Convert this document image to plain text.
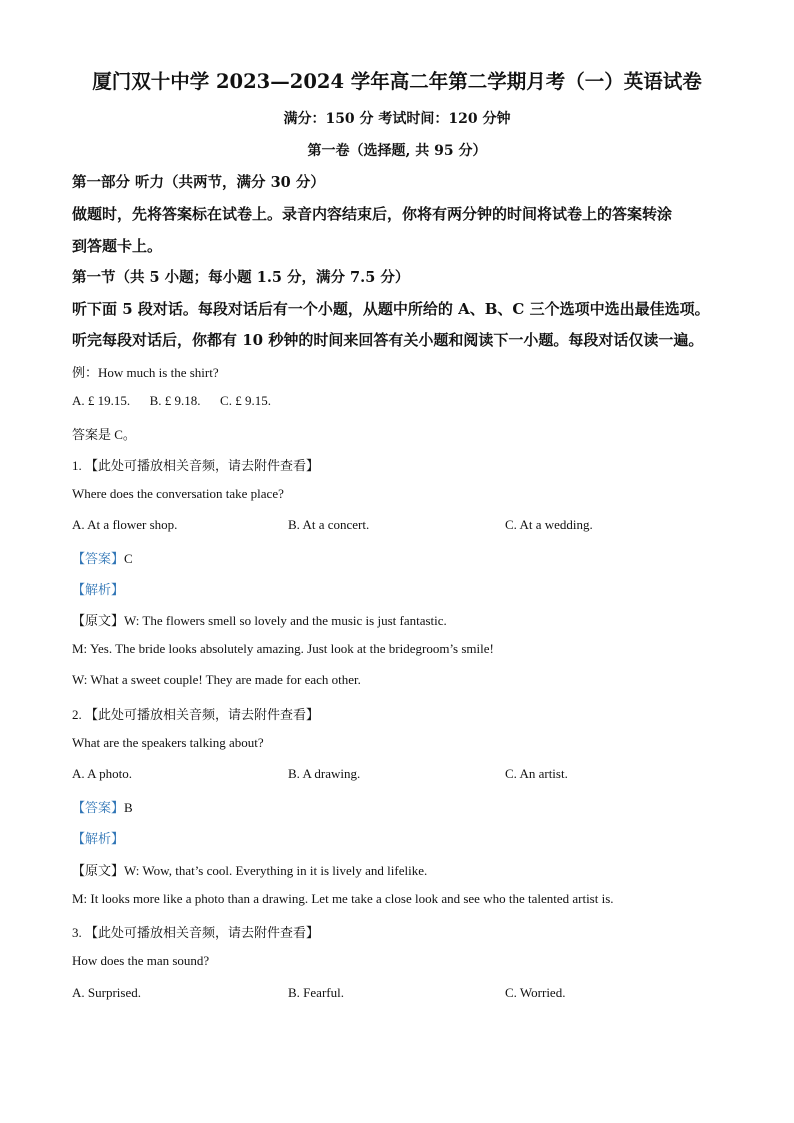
厦门双十中学 2023—2024 学年高二年第二学期月考（一）英语试卷
满分：150 分 考试时间：120 分钟
第一卷（选择题, 共 95 分）
第一部分 听力（共两节，满分 30 分）
做题时，先将答案标在试卷上。录音内容结束后，你将有两分钟的时间将试卷上的答案转涂
到答题卡上。
第一节（共 5 小题；每小题 1.5 分，满分 7.5 分）
听下面 5 段对话。每段对话后有一个小题，从题中所给的 A、B、C 三个选项中选出最佳选项。
听完每段对话后，你都有 10 秒钟的时间来回答有关小题和阅读下一小题。每段对话仅读一遍。
例：How much is the shirt?
A. £ 19.15.      B. £ 9.18.      C. £ 9.15.
答案是 C。
1. 【此处可播放相关音频，请去附件查看】
Where does the conversation take place?
A. At a flower shop.	B. At a concert.	C. At a wedding.
【答案】C
【解析】
【原文】W: The flowers smell so lovely and the music is just fantastic.
M: Yes. The bride looks absolutely amazing. Just look at the bridegroom’s smile!
W: What a sweet couple! They are made for each other.
2. 【此处可播放相关音频，请去附件查看】
What are the speakers talking about?
A. A photo.	B. A drawing.	C. An artist.
【答案】B
【解析】
【原文】W: Wow, that’s cool. Everything in it is lively and lifelike.
M: It looks more like a photo than a drawing. Let me take a close look and see who the talented artist is.
3. 【此处可播放相关音频，请去附件查看】
How does the man sound?
A. Surprised.	B. Fearful.	C. Worried.
